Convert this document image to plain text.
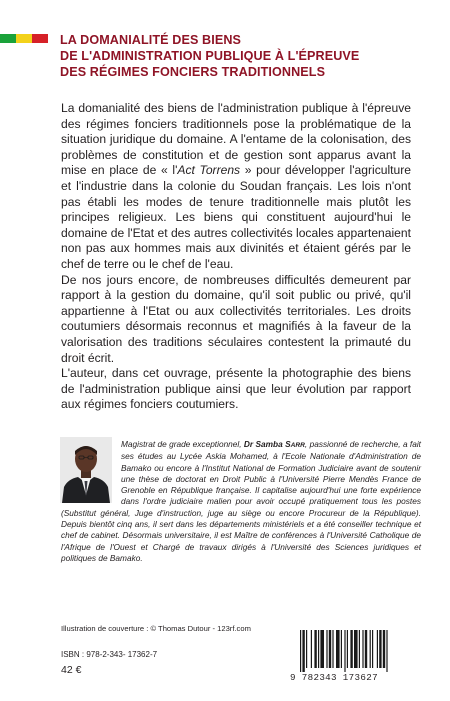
LA DOMANIALITÉ DES BIENS
DE L'ADMINISTRATION PUBLIQUE À L'ÉPREUVE
DES RÉGIMES FONCIERS TRADITIONNELS

La domanialité des biens de l'administration publique à l'épreuve des régimes fonciers traditionnels pose la problématique de la situation juridique du domaine. A l'entame de la colonisation, des problèmes de constitution et de gestion sont apparus avant la mise en place de « l'Act Torrens » pour développer l'agriculture et l'industrie dans la colonie du Soudan français. Les lois n'ont pas établi les modes de tenure traditionnelle mais plutôt les principes religieux. Les biens qui constituent aujourd'hui le domaine de l'Etat et des autres collectivités locales appartenaient non pas aux hommes mais aux divinités et étaient gérés par le chef de terre ou le chef de l'eau.

De nos jours encore, de nombreuses difficultés demeurent par rapport à la gestion du domaine, qu'il soit public ou privé, qu'il appartienne à l'Etat ou aux collectivités territoriales. Les droits coutumiers désormais reconnus et magnifiés à la faveur de la valorisation des traditions séculaires contestent la primauté du droit écrit.

L'auteur, dans cet ouvrage, présente la photographie des biens de l'administration publique ainsi que leur évolution par rapport aux régimes fonciers coutumiers.

Magistrat de grade exceptionnel, Dr Samba SARR, passionné de recherche, a fait ses études au Lycée Askia Mohamed, à l'Ecole Nationale d'Administration de Bamako ou encore à l'Institut National de Formation Judiciaire avant de soutenir une thèse de doctorat en Droit Public à l'Université Pierre Mendès France de Grenoble en République française. Il capitalise aujourd'hui une forte expérience dans l'ordre judiciaire malien pour avoir occupé pratiquement tous les postes (Substitut général, Juge d'instruction, juge au siège ou encore Procureur de la République). Depuis bientôt cinq ans, il sert dans les départements ministériels et a été conseiller technique et chef de cabinet. Désormais universitaire, il est Maître de conférences à l'Université Catholique de l'Afrique de l'Ouest et Chargé de travaux dirigés à l'Université des Sciences juridiques et politiques de Bamako.
Illustration de couverture : © Thomas Dutour - 123rf.com
ISBN : 978-2-343- 17362-7
42 €
9 782343 173627
